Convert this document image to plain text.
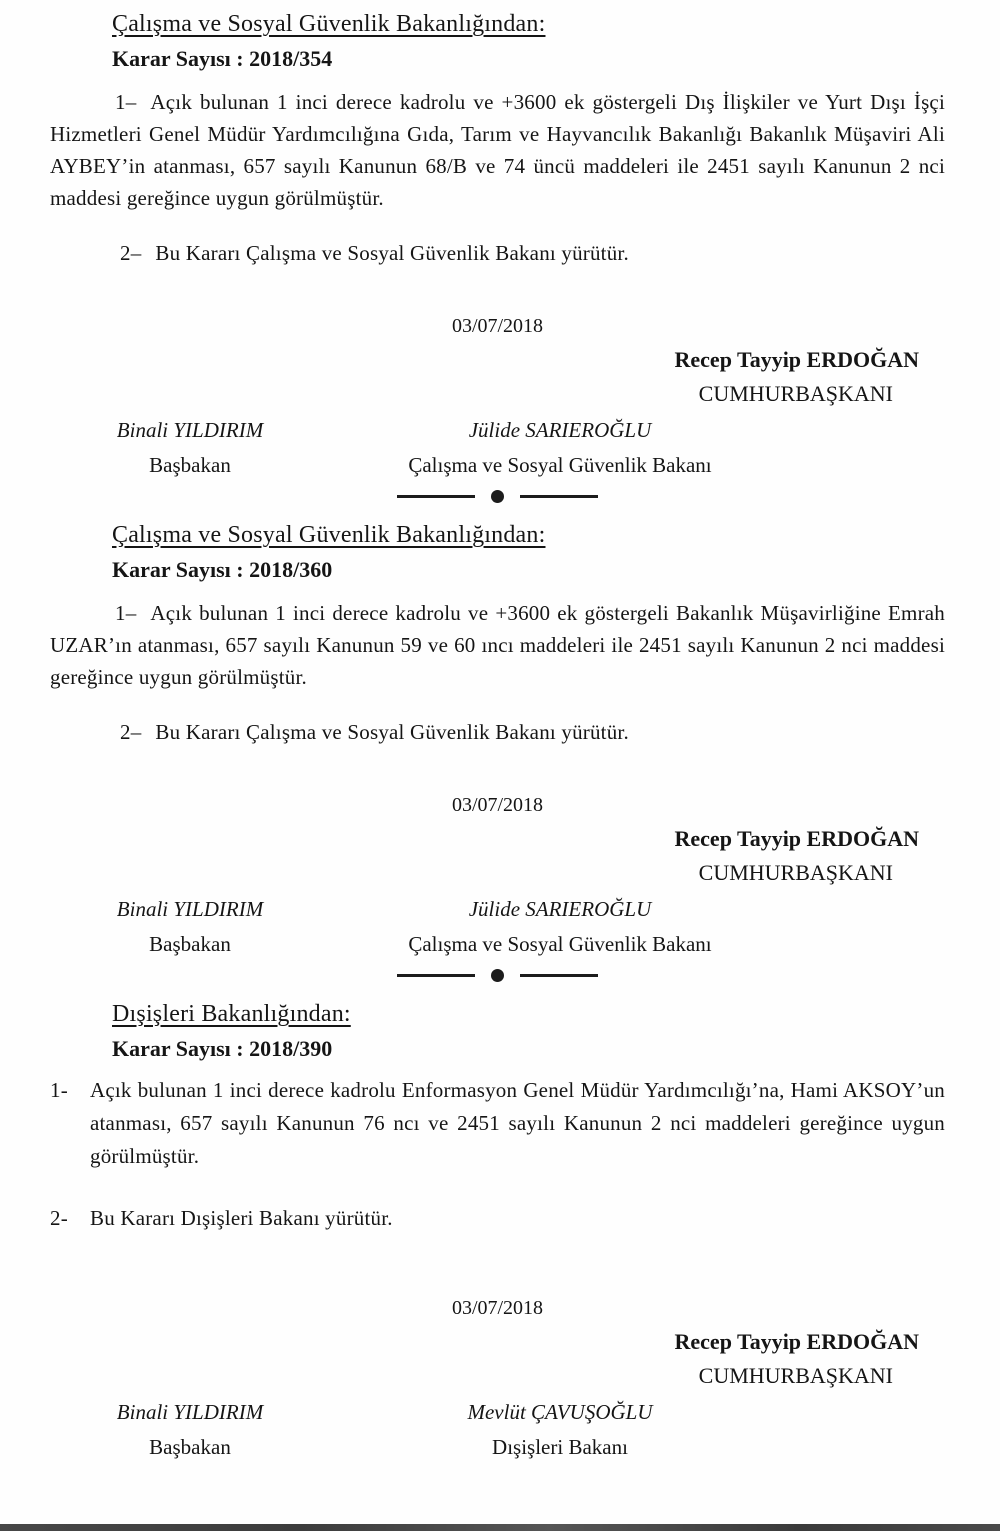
Çalışma ve Sosyal Güvenlik Bakanlığından:

Karar Sayısı : 2018/354

1– Açık bulunan 1 inci derece kadrolu ve +3600 ek göstergeli Dış İlişkiler ve Yurt Dışı İşçi Hizmetleri Genel Müdür Yardımcılığına Gıda, Tarım ve Hayvancılık Bakanlığı Bakanlık Müşaviri Ali AYBEY’in atanması, 657 sayılı Kanunun 68/B ve 74 üncü maddeleri ile 2451 sayılı Kanunun 2 nci maddesi gereğince uygun görülmüştür.

2– Bu Kararı Çalışma ve Sosyal Güvenlik Bakanı yürütür.

03/07/2018

Recep Tayyip ERDOĞAN

CUMHURBAŞKANI

Binali YILDIRIM

Başbakan

Jülide SARIEROĞLU

Çalışma ve Sosyal Güvenlik Bakanı

Çalışma ve Sosyal Güvenlik Bakanlığından:

Karar Sayısı : 2018/360

1– Açık bulunan 1 inci derece kadrolu ve +3600 ek göstergeli Bakanlık Müşavirliğine Emrah UZAR’ın atanması, 657 sayılı Kanunun 59 ve 60 ıncı maddeleri ile 2451 sayılı Kanunun 2 nci maddesi gereğince uygun görülmüştür.

2– Bu Kararı Çalışma ve Sosyal Güvenlik Bakanı yürütür.

03/07/2018

Recep Tayyip ERDOĞAN

CUMHURBAŞKANI

Binali YILDIRIM

Başbakan

Jülide SARIEROĞLU

Çalışma ve Sosyal Güvenlik Bakanı

Dışişleri Bakanlığından:

Karar Sayısı : 2018/390

1-	Açık bulunan 1 inci derece kadrolu Enformasyon Genel Müdür Yardımcılığı’na, Hami AKSOY’un atanması, 657 sayılı Kanunun 76 ncı ve 2451 sayılı Kanunun 2 nci maddeleri gereğince uygun görülmüştür.
2-	Bu Kararı Dışişleri Bakanı yürütür.

03/07/2018

Recep Tayyip ERDOĞAN

CUMHURBAŞKANI

Binali YILDIRIM

Başbakan

Mevlüt ÇAVUŞOĞLU

Dışişleri Bakanı
